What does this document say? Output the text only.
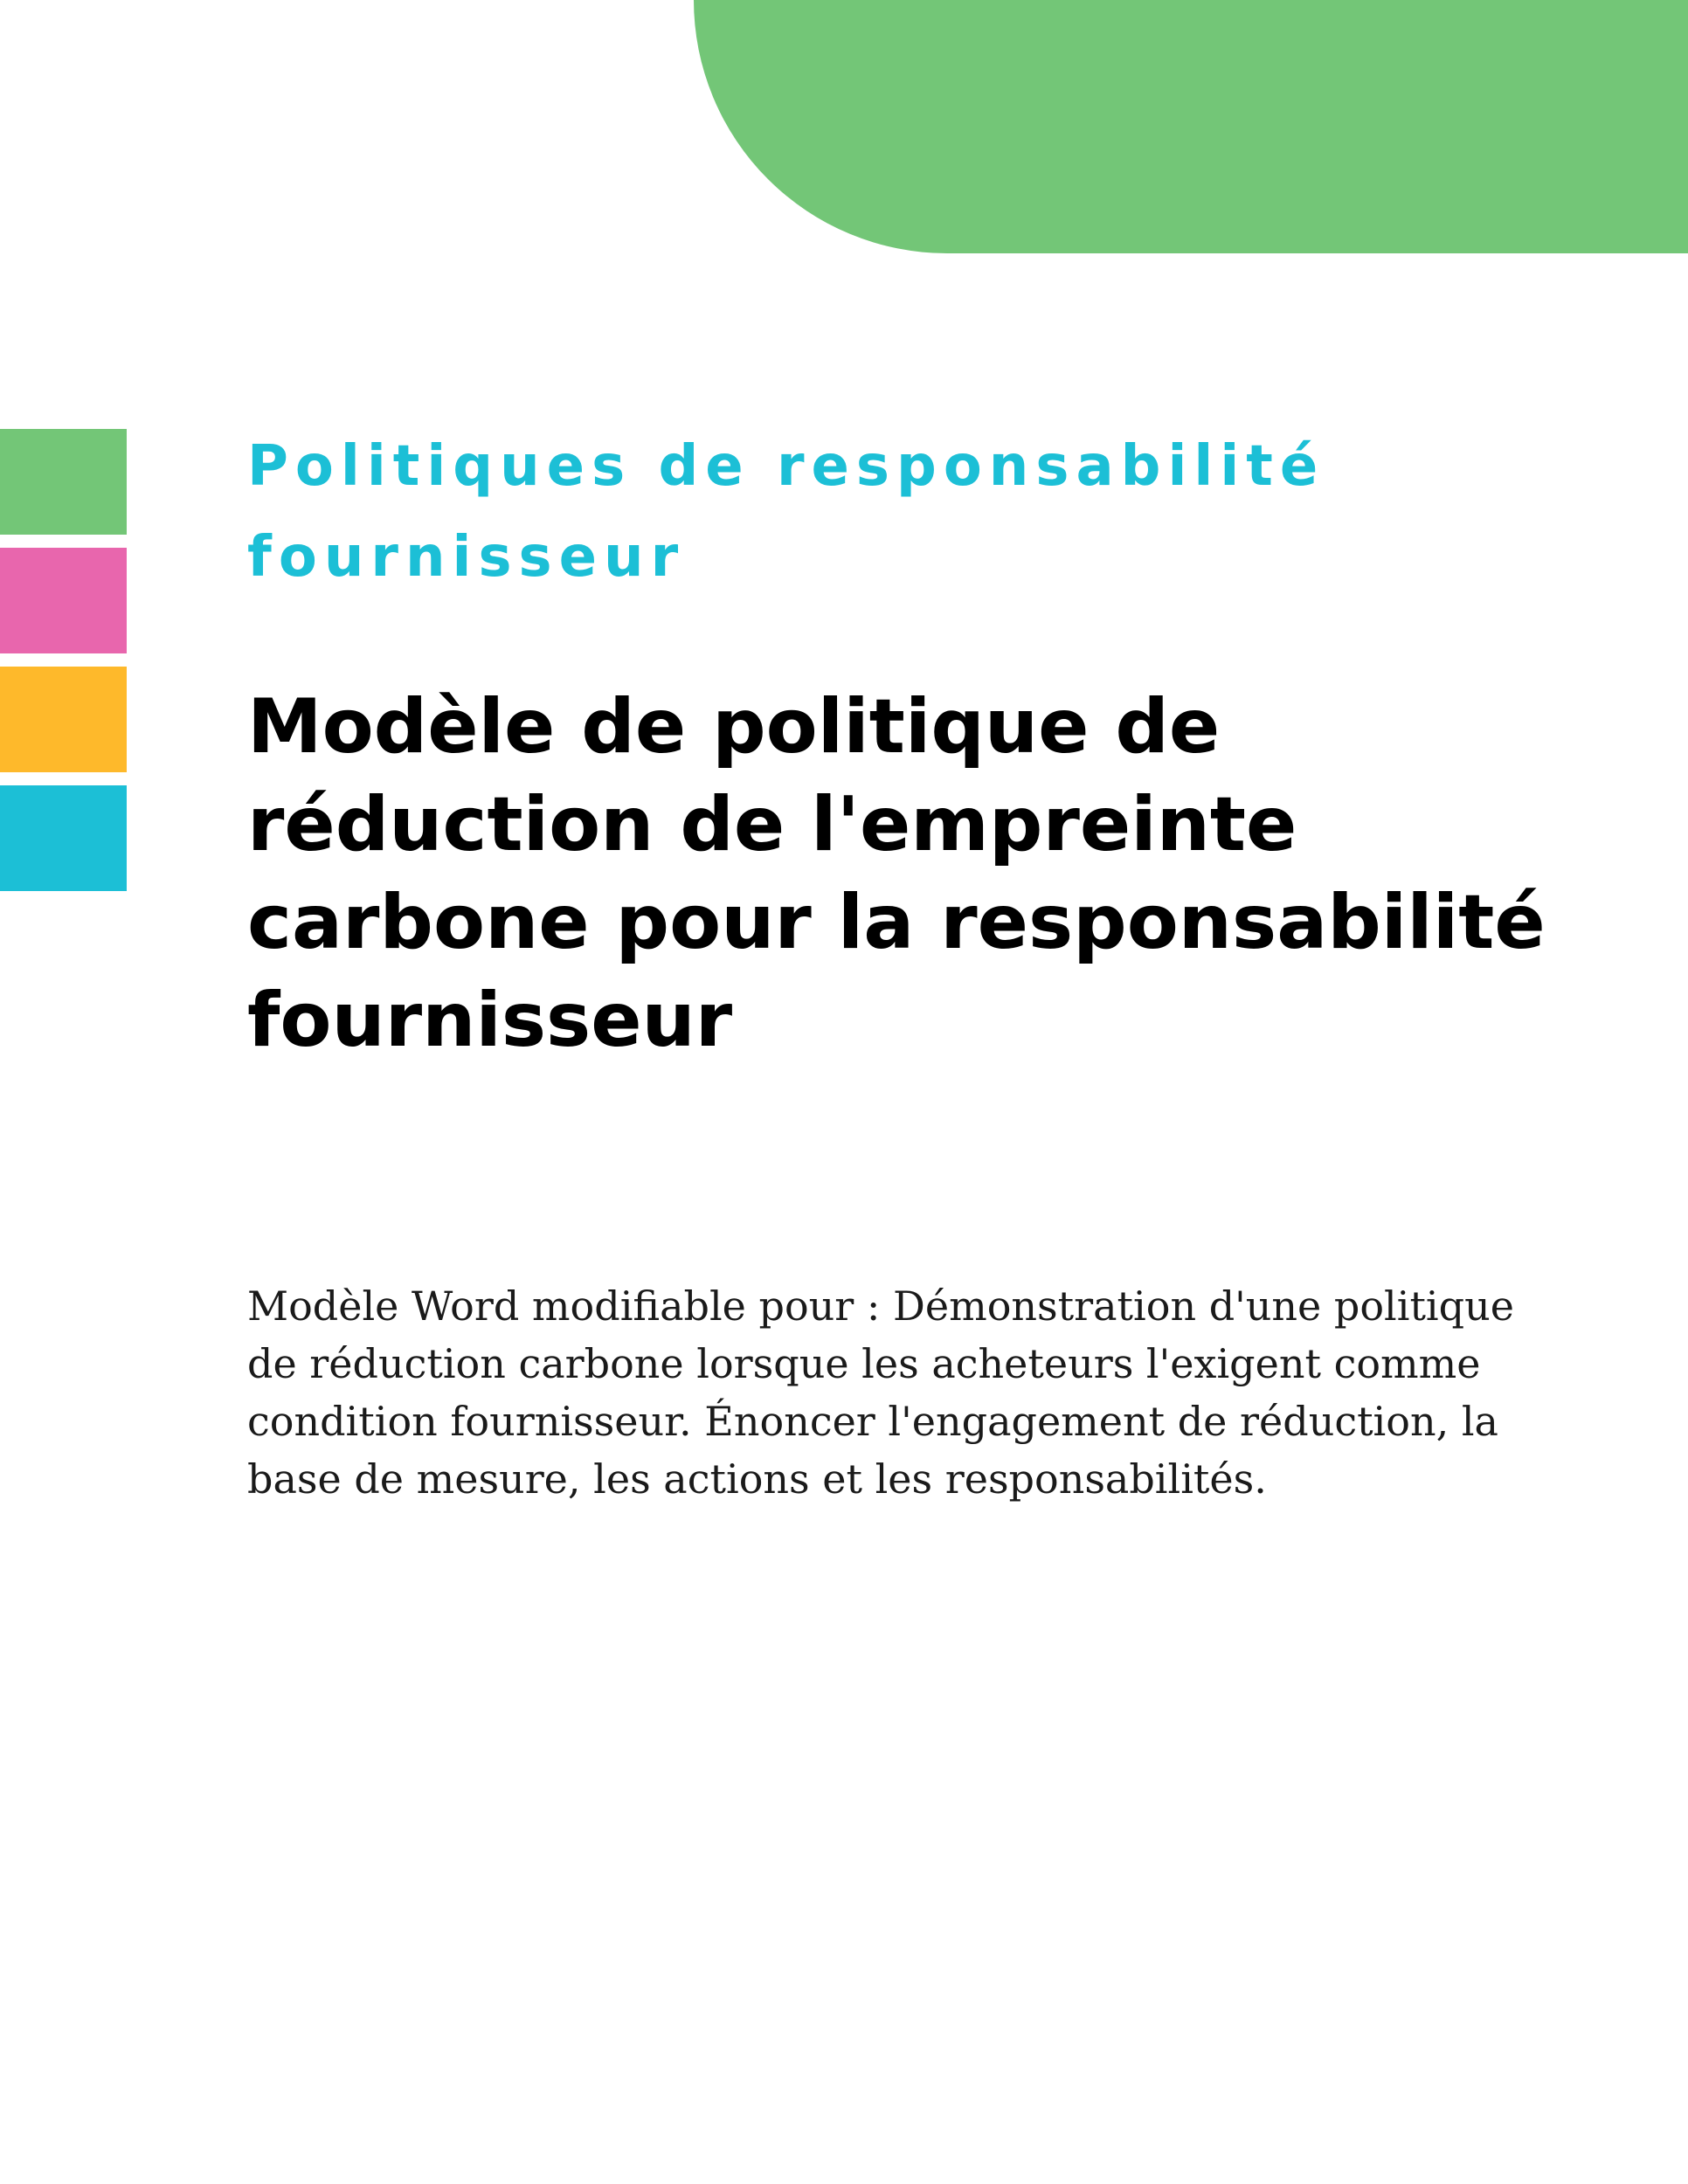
Politiques de responsabilité fournisseur
Modèle de politique de réduction de l'empreinte carbone pour la responsabilité fournisseur

Modèle Word modifiable pour : Démonstration d'une politique de réduction carbone lorsque les acheteurs l'exigent comme condition fournisseur. Énoncer l'engagement de réduction, la base de mesure, les actions et les responsabilités.
